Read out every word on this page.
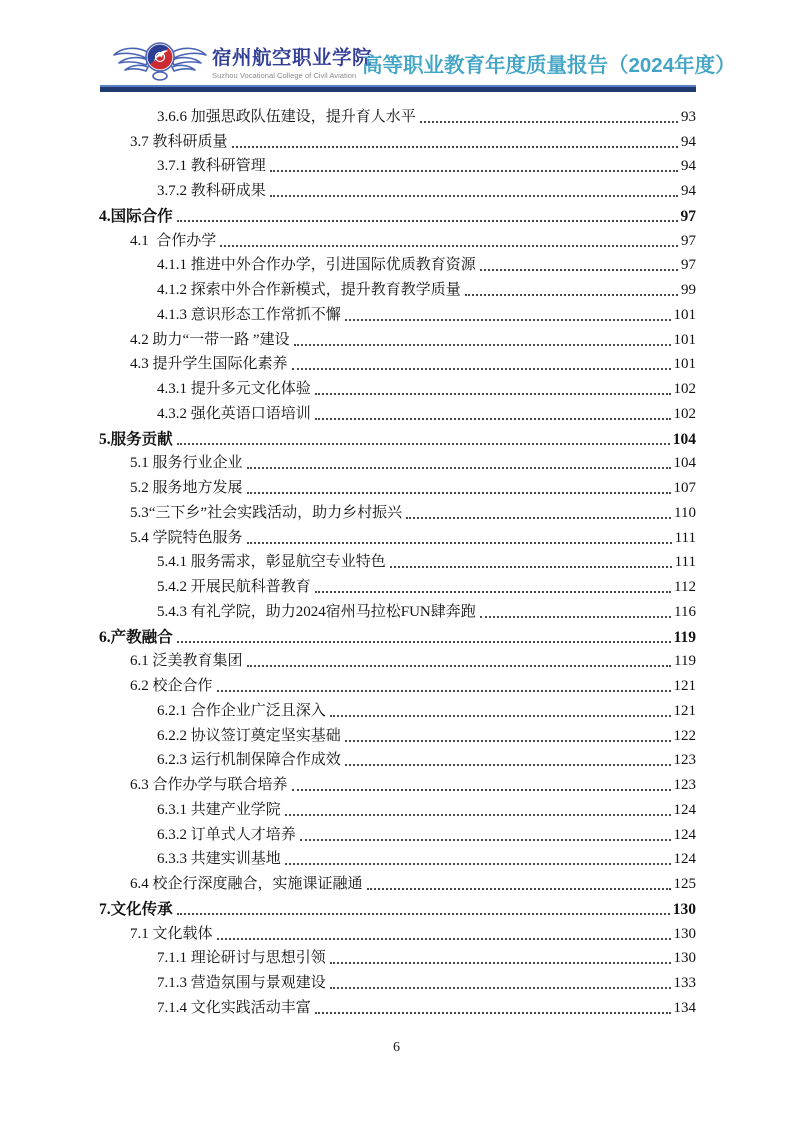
宿州航空职业学院
Suzhou Vocational College of Civil Aviation 高等职业教育年度质量报告（2024年度）
3.6.6 加强思政队伍建设，提升育人水平	93
3.7 教科研质量	94
3.7.1 教科研管理	94
3.7.2 教科研成果	94
4.国际合作	97
4.1  合作办学	97
4.1.1 推进中外合作办学，引进国际优质教育资源	97
4.1.2 探索中外合作新模式，提升教育教学质量	99
4.1.3 意识形态工作常抓不懈	101
4.2 助力“一带一路 ”建设	101
4.3 提升学生国际化素养	101
4.3.1 提升多元文化体验	102
4.3.2 强化英语口语培训	102
5.服务贡献	104
5.1 服务行业企业	104
5.2 服务地方发展	107
5.3“三下乡”社会实践活动，助力乡村振兴	110
5.4 学院特色服务	111
5.4.1 服务需求，彰显航空专业特色	111
5.4.2 开展民航科普教育	112
5.4.3 有礼学院，助力2024宿州马拉松FUN肆奔跑	116
6.产教融合	119
6.1 泛美教育集团	119
6.2 校企合作	121
6.2.1 合作企业广泛且深入	121
6.2.2 协议签订奠定坚实基础	122
6.2.3 运行机制保障合作成效	123
6.3 合作办学与联合培养	123
6.3.1 共建产业学院	124
6.3.2 订单式人才培养	124
6.3.3 共建实训基地	124
6.4 校企行深度融合，实施课证融通	125
7.文化传承	130
7.1 文化载体	130
7.1.1 理论研讨与思想引领	130
7.1.3 营造氛围与景观建设	133
7.1.4 文化实践活动丰富	134
6
